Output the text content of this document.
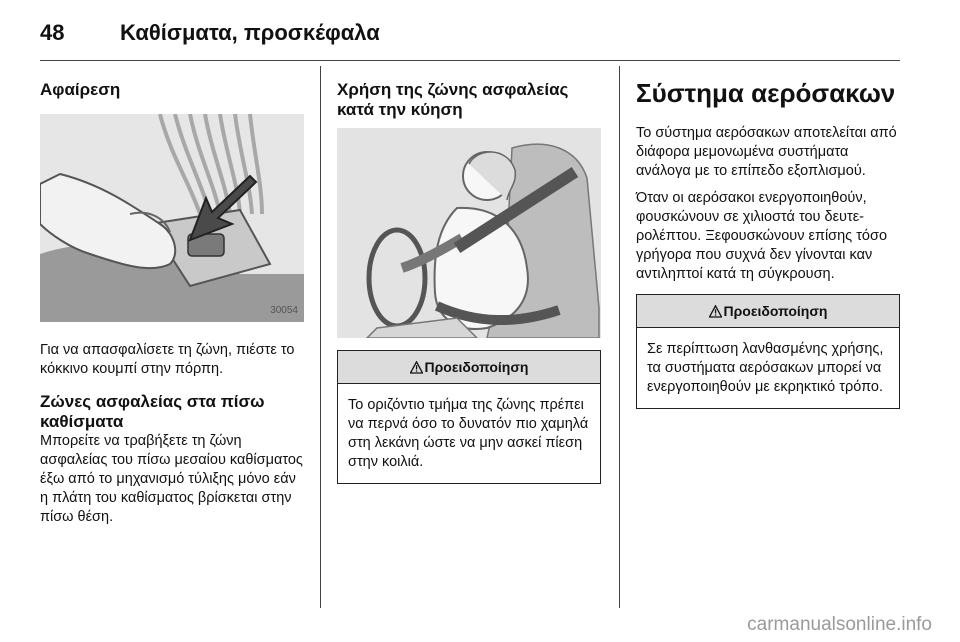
48	Καθίσματα, προσκέφαλα
Αφαίρεση
30054

Για να απασφαλίσετε τη ζώνη, πιέστε το κόκκινο κουμπί στην πόρπη.

Ζώνες ασφαλείας στα πίσω καθίσματα

Μπορείτε να τραβήξετε τη ζώνη ασφαλείας του πίσω μεσαίου καθίσματος έξω από το μηχανισμό τύλιξης μόνο εάν η πλάτη του καθίσματος βρίσκεται στην πίσω θέση.

Χρήση της ζώνης ασφαλείας κατά την κύηση
Προειδοποίηση
Το οριζόντιο τμήμα της ζώνης πρέπει να περνά όσο το δυνατόν πιο χαμηλά στη λεκάνη ώστε να μην ασκεί πίεση στην κοιλιά.
Σύστημα αερόσακων

Το σύστημα αερόσακων αποτελείται από διάφορα μεμονωμένα συστήματα ανάλογα με το επίπεδο εξοπλισμού.

Όταν οι αερόσακοι ενεργοποιηθούν, φουσκώνουν σε χιλιοστά του δευτερολέπτου. Ξεφουσκώνουν επίσης τόσο γρήγορα που συχνά δεν γίνονται καν αντιληπτοί κατά τη σύγκρουση.

Προειδοποίηση
Σε περίπτωση λανθασμένης χρήσης, τα συστήματα αερόσακων μπορεί να ενεργοποιηθούν με εκρηκτικό τρόπο.
carmanualsonline.info
